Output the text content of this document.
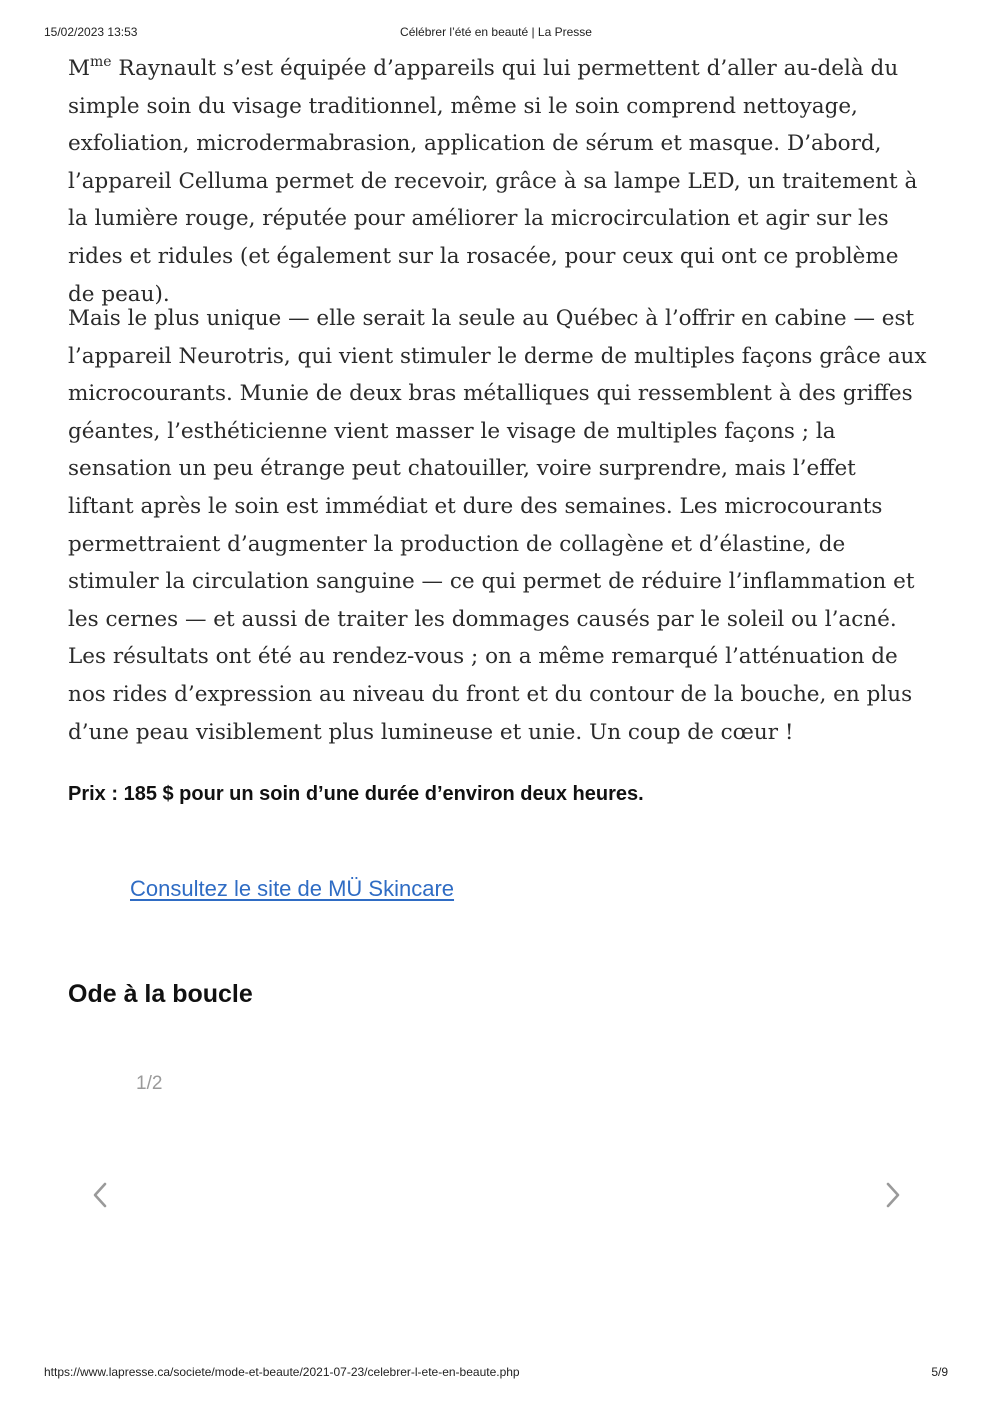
15/02/2023 13:53	Célébrer l’été en beauté | La Presse

$M^{me}$ Raynault s’est équipée d’appareils qui lui permettent d’aller au-delà du simple soin du visage traditionnel, même si le soin comprend nettoyage, exfoliation, microdermabrasion, application de sérum et masque. D’abord, l’appareil Celluma permet de recevoir, grâce à sa lampe LED, un traitement à la lumière rouge, réputée pour améliorer la microcirculation et agir sur les rides et ridules (et également sur la rosacée, pour ceux qui ont ce problème de peau).

Mais le plus unique — elle serait la seule au Québec à l’offrir en cabine — est l’appareil Neurotris, qui vient stimuler le derme de multiples façons grâce aux microcourants. Munie de deux bras métalliques qui ressemblent à des griffes géantes, l’esthéticienne vient masser le visage de multiples façons ; la sensation un peu étrange peut chatouiller, voire surprendre, mais l’effet liftant après le soin est immédiat et dure des semaines. Les microcourants permettraient d’augmenter la production de collagène et d’élastine, de stimuler la circulation sanguine — ce qui permet de réduire l’inflammation et les cernes — et aussi de traiter les dommages causés par le soleil ou l’acné. Les résultats ont été au rendez-vous ; on a même remarqué l’atténuation de nos rides d’expression au niveau du front et du contour de la bouche, en plus d’une peau visiblement plus lumineuse et unie. Un coup de cœur !

Prix : 185 $ pour un soin d’une durée d’environ deux heures.
Consultez le site de MÜ Skincare
Ode à la boucle
1/2
https://www.lapresse.ca/societe/mode-et-beaute/2021-07-23/celebrer-l-ete-en-beaute.php	5/9
